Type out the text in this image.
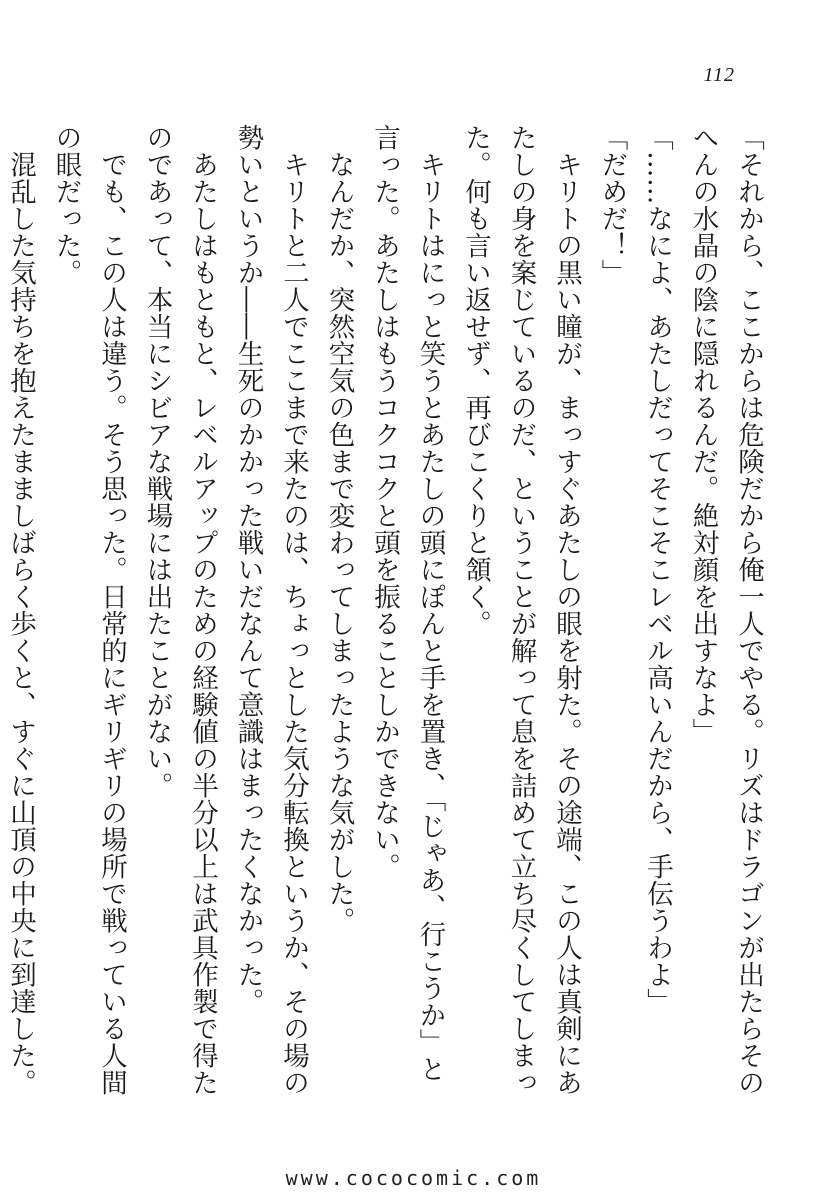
112

「それから、ここからは危険だから俺一人でやる。リズはドラゴンが出たらそのへんの水晶の陰に隠れるんだ。絶対顔を出すなよ」

「……なによ、あたしだってそこそこレベル高いんだから、手伝うわよ」

「だめだ！」

キリトの黒い瞳が、まっすぐあたしの眼を射た。その途端、この人は真剣にあたしの身を案じているのだ、ということが解って息を詰めて立ち尽くしてしまった。何も言い返せず、再びこくりと頷く。

キリトはにっと笑うとあたしの頭にぽんと手を置き、「じゃあ、行こうか」と言った。あたしはもうコクコクと頭を振ることしかできない。

なんだか、突然空気の色まで変わってしまったような気がした。

キリトと二人でここまで来たのは、ちょっとした気分転換というか、その場の勢いというか――生死のかかった戦いだなんて意識はまったくなかった。

あたしはもともと、レベルアップのための経験値の半分以上は武具作製で得たのであって、本当にシビアな戦場には出たことがない。

でも、この人は違う。そう思った。日常的にギリギリの場所で戦っている人間の眼だった。

混乱した気持ちを抱えたまましばらく歩くと、すぐに山頂の中央に到達した。

www.cococomic.com
